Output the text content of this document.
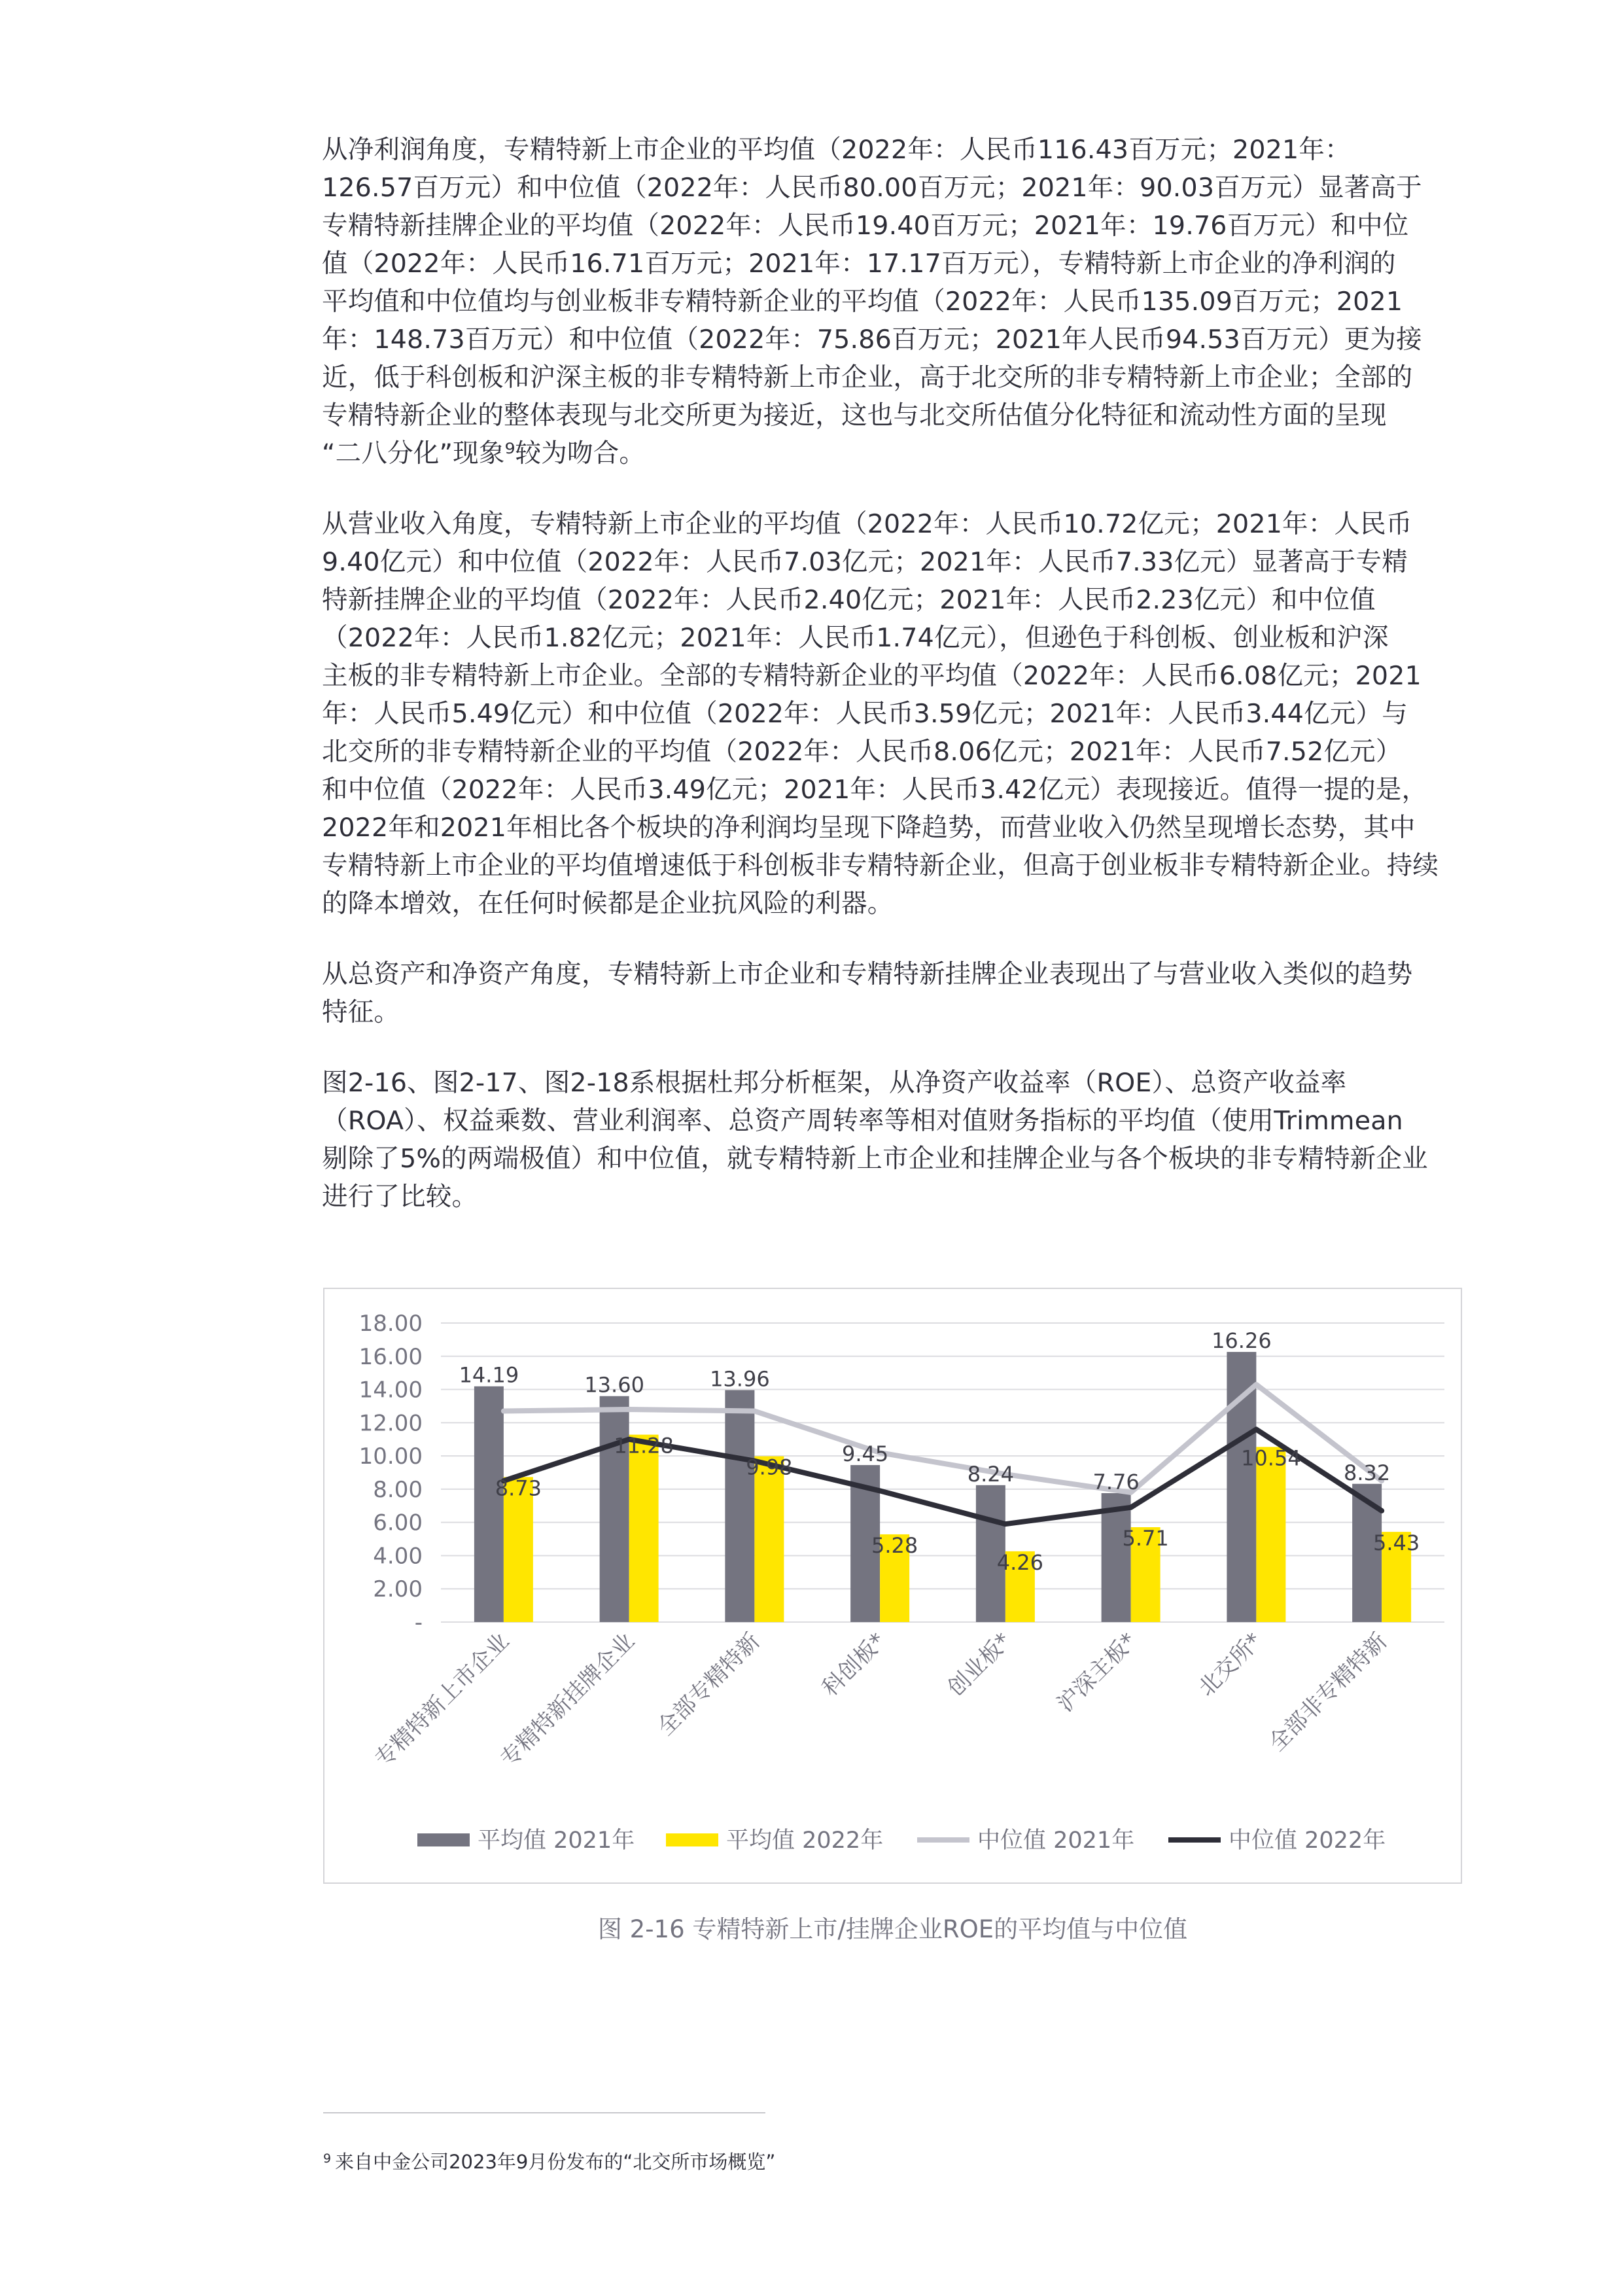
从净利润角度，专精特新上市企业的平均值（2022年：人民币116.43百万元；2021年：
126.57百万元）和中位值（2022年：人民币80.00百万元；2021年：90.03百万元）显著高于
专精特新挂牌企业的平均值（2022年：人民币19.40百万元；2021年：19.76百万元）和中位
值（2022年：人民币16.71百万元；2021年：17.17百万元），专精特新上市企业的净利润的
平均值和中位值均与创业板非专精特新企业的平均值（2022年：人民币135.09百万元；2021
年：148.73百万元）和中位值（2022年：75.86百万元；2021年人民币94.53百万元）更为接
近，低于科创板和沪深主板的非专精特新上市企业，高于北交所的非专精特新上市企业；全部的
专精特新企业的整体表现与北交所更为接近，这也与北交所估值分化特征和流动性方面的呈现
“二八分化”现象⁹较为吻合。

从营业收入角度，专精特新上市企业的平均值（2022年：人民币10.72亿元；2021年：人民币
9.40亿元）和中位值（2022年：人民币7.03亿元；2021年：人民币7.33亿元）显著高于专精
特新挂牌企业的平均值（2022年：人民币2.40亿元；2021年：人民币2.23亿元）和中位值
（2022年：人民币1.82亿元；2021年：人民币1.74亿元），但逊色于科创板、创业板和沪深
主板的非专精特新上市企业。全部的专精特新企业的平均值（2022年：人民币6.08亿元；2021
年：人民币5.49亿元）和中位值（2022年：人民币3.59亿元；2021年：人民币3.44亿元）与
北交所的非专精特新企业的平均值（2022年：人民币8.06亿元；2021年：人民币7.52亿元）
和中位值（2022年：人民币3.49亿元；2021年：人民币3.42亿元）表现接近。值得一提的是，
2022年和2021年相比各个板块的净利润均呈现下降趋势，而营业收入仍然呈现增长态势，其中
专精特新上市企业的平均值增速低于科创板非专精特新企业，但高于创业板非专精特新企业。持续
的降本增效，在任何时候都是企业抗风险的利器。

从总资产和净资产角度，专精特新上市企业和专精特新挂牌企业表现出了与营业收入类似的趋势
特征。

图2-16、图2-17、图2-18系根据杜邦分析框架，从净资产收益率（ROE）、总资产收益率
（ROA）、权益乘数、营业利润率、总资产周转率等相对值财务指标的平均值（使用Trimmean
剔除了5%的两端极值）和中位值，就专精特新上市企业和挂牌企业与各个板块的非专精特新企业
进行了比较。

-
2.00
4.00
6.00
8.00
10.00
12.00
14.00
16.00
18.00
14.19	13.60	13.96
9.45
8.24	7.76
16.26
8.32
8.73
11.28
9.98
5.28
4.26
5.71
10.54
5.43
专精特新上市企业
专精特新挂牌企业 全部专精特新 科创板* 创业板* 沪深主板* 北交所*
全部非专精特新
平均值 2021年	平均值 2022年	中位值 2021年	中位值 2022年
图 2-16 专精特新上市/挂牌企业ROE的平均值与中位值
$^9$ 来自中金公司2023年9月份发布的“北交所市场概览”
